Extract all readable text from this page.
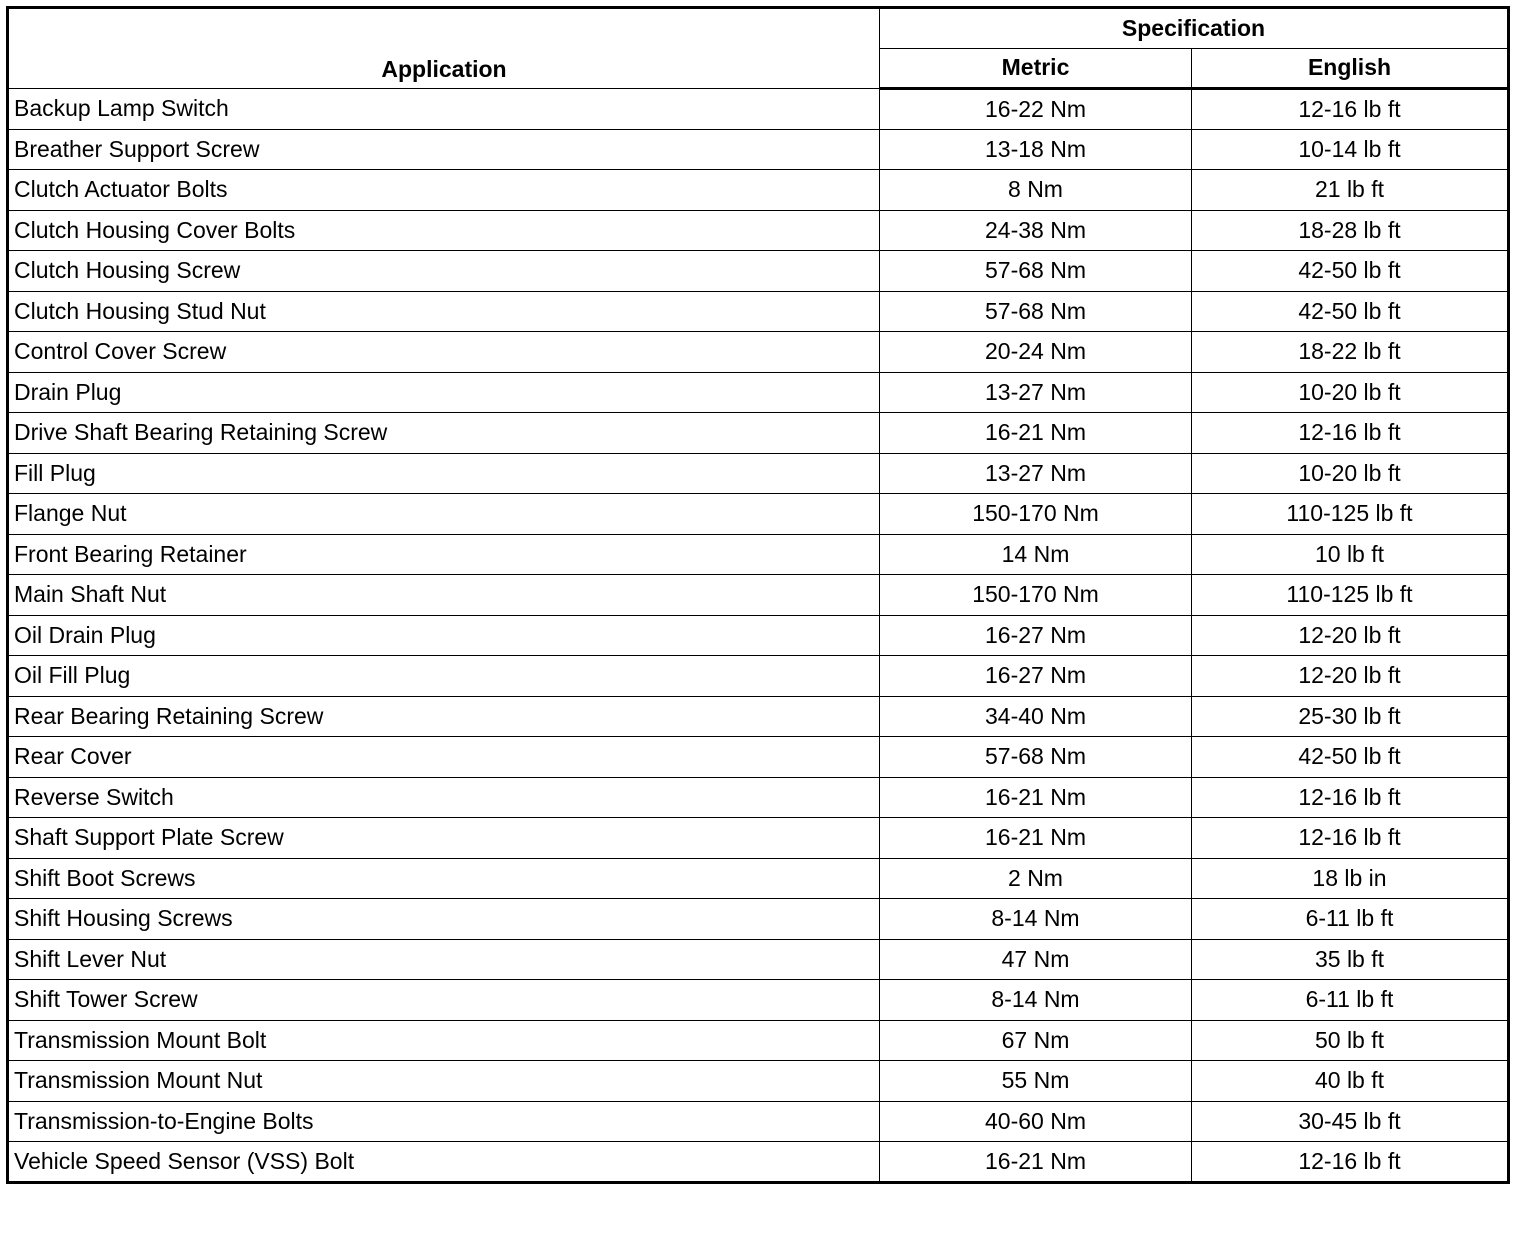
Application	Specification	
	Metric	English
Backup Lamp Switch	16-22 Nm	12-16 lb ft
Breather Support Screw	13-18 Nm	10-14 lb ft
Clutch Actuator Bolts	8 Nm	21 lb ft
Clutch Housing Cover Bolts	24-38 Nm	18-28 lb ft
Clutch Housing Screw	57-68 Nm	42-50 lb ft
Clutch Housing Stud Nut	57-68 Nm	42-50 lb ft
Control Cover Screw	20-24 Nm	18-22 lb ft
Drain Plug	13-27 Nm	10-20 lb ft
Drive Shaft Bearing Retaining Screw	16-21 Nm	12-16 lb ft
Fill Plug	13-27 Nm	10-20 lb ft
Flange Nut	150-170 Nm	110-125 lb ft
Front Bearing Retainer	14 Nm	10 lb ft
Main Shaft Nut	150-170 Nm	110-125 lb ft
Oil Drain Plug	16-27 Nm	12-20 lb ft
Oil Fill Plug	16-27 Nm	12-20 lb ft
Rear Bearing Retaining Screw	34-40 Nm	25-30 lb ft
Rear Cover	57-68 Nm	42-50 lb ft
Reverse Switch	16-21 Nm	12-16 lb ft
Shaft Support Plate Screw	16-21 Nm	12-16 lb ft
Shift Boot Screws	2 Nm	18 lb in
Shift Housing Screws	8-14 Nm	6-11 lb ft
Shift Lever Nut	47 Nm	35 lb ft
Shift Tower Screw	8-14 Nm	6-11 lb ft
Transmission Mount Bolt	67 Nm	50 lb ft
Transmission Mount Nut	55 Nm	40 lb ft
Transmission-to-Engine Bolts	40-60 Nm	30-45 lb ft
Vehicle Speed Sensor (VSS) Bolt	16-21 Nm	12-16 lb ft
